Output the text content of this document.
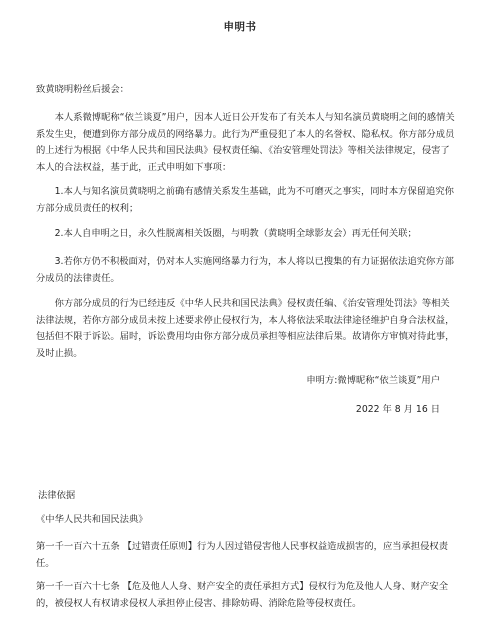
申明书

致黄晓明粉丝后援会：

本人系微博昵称“依兰谈夏”用户，因本人近日公开发布了有关本人与知名演员黄晓明之间的感情关系发生史，便遭到你方部分成员的网络暴力。此行为严重侵犯了本人的名誉权、隐私权。你方部分成员的上述行为根据《中华人民共和国民法典》侵权责任编、《治安管理处罚法》等相关法律规定，侵害了本人的合法权益，基于此，正式申明如下事项：

1.本人与知名演员黄晓明之前确有感情关系发生基础，此为不可磨灭之事实，同时本方保留追究你方部分成员责任的权利；

2.本人自申明之日，永久性脱离相关饭圈，与明教（黄晓明全球影友会）再无任何关联；

3.若你方仍不积极面对，仍对本人实施网络暴力行为，本人将以已搜集的有力证据依法追究你方部分成员的法律责任。

你方部分成员的行为已经违反《中华人民共和国民法典》侵权责任编、《治安管理处罚法》等相关法律法规，若你方部分成员未按上述要求停止侵权行为，本人将依法采取法律途径维护自身合法权益，包括但不限于诉讼。届时，诉讼费用均由你方部分成员承担等相应法律后果。故请你方审慎对待此事，及时止损。

申明方:微博昵称“依兰谈夏”用户
2022 年 8 月 16 日
法律依据

《中华人民共和国民法典》

第一千一百六十五条 【过错责任原则】行为人因过错侵害他人民事权益造成损害的，应当承担侵权责任。

第一千一百六十七条 【危及他人人身、财产安全的责任承担方式】侵权行为危及他人人身、财产安全的，被侵权人有权请求侵权人承担停止侵害、排除妨碍、消除危险等侵权责任。
